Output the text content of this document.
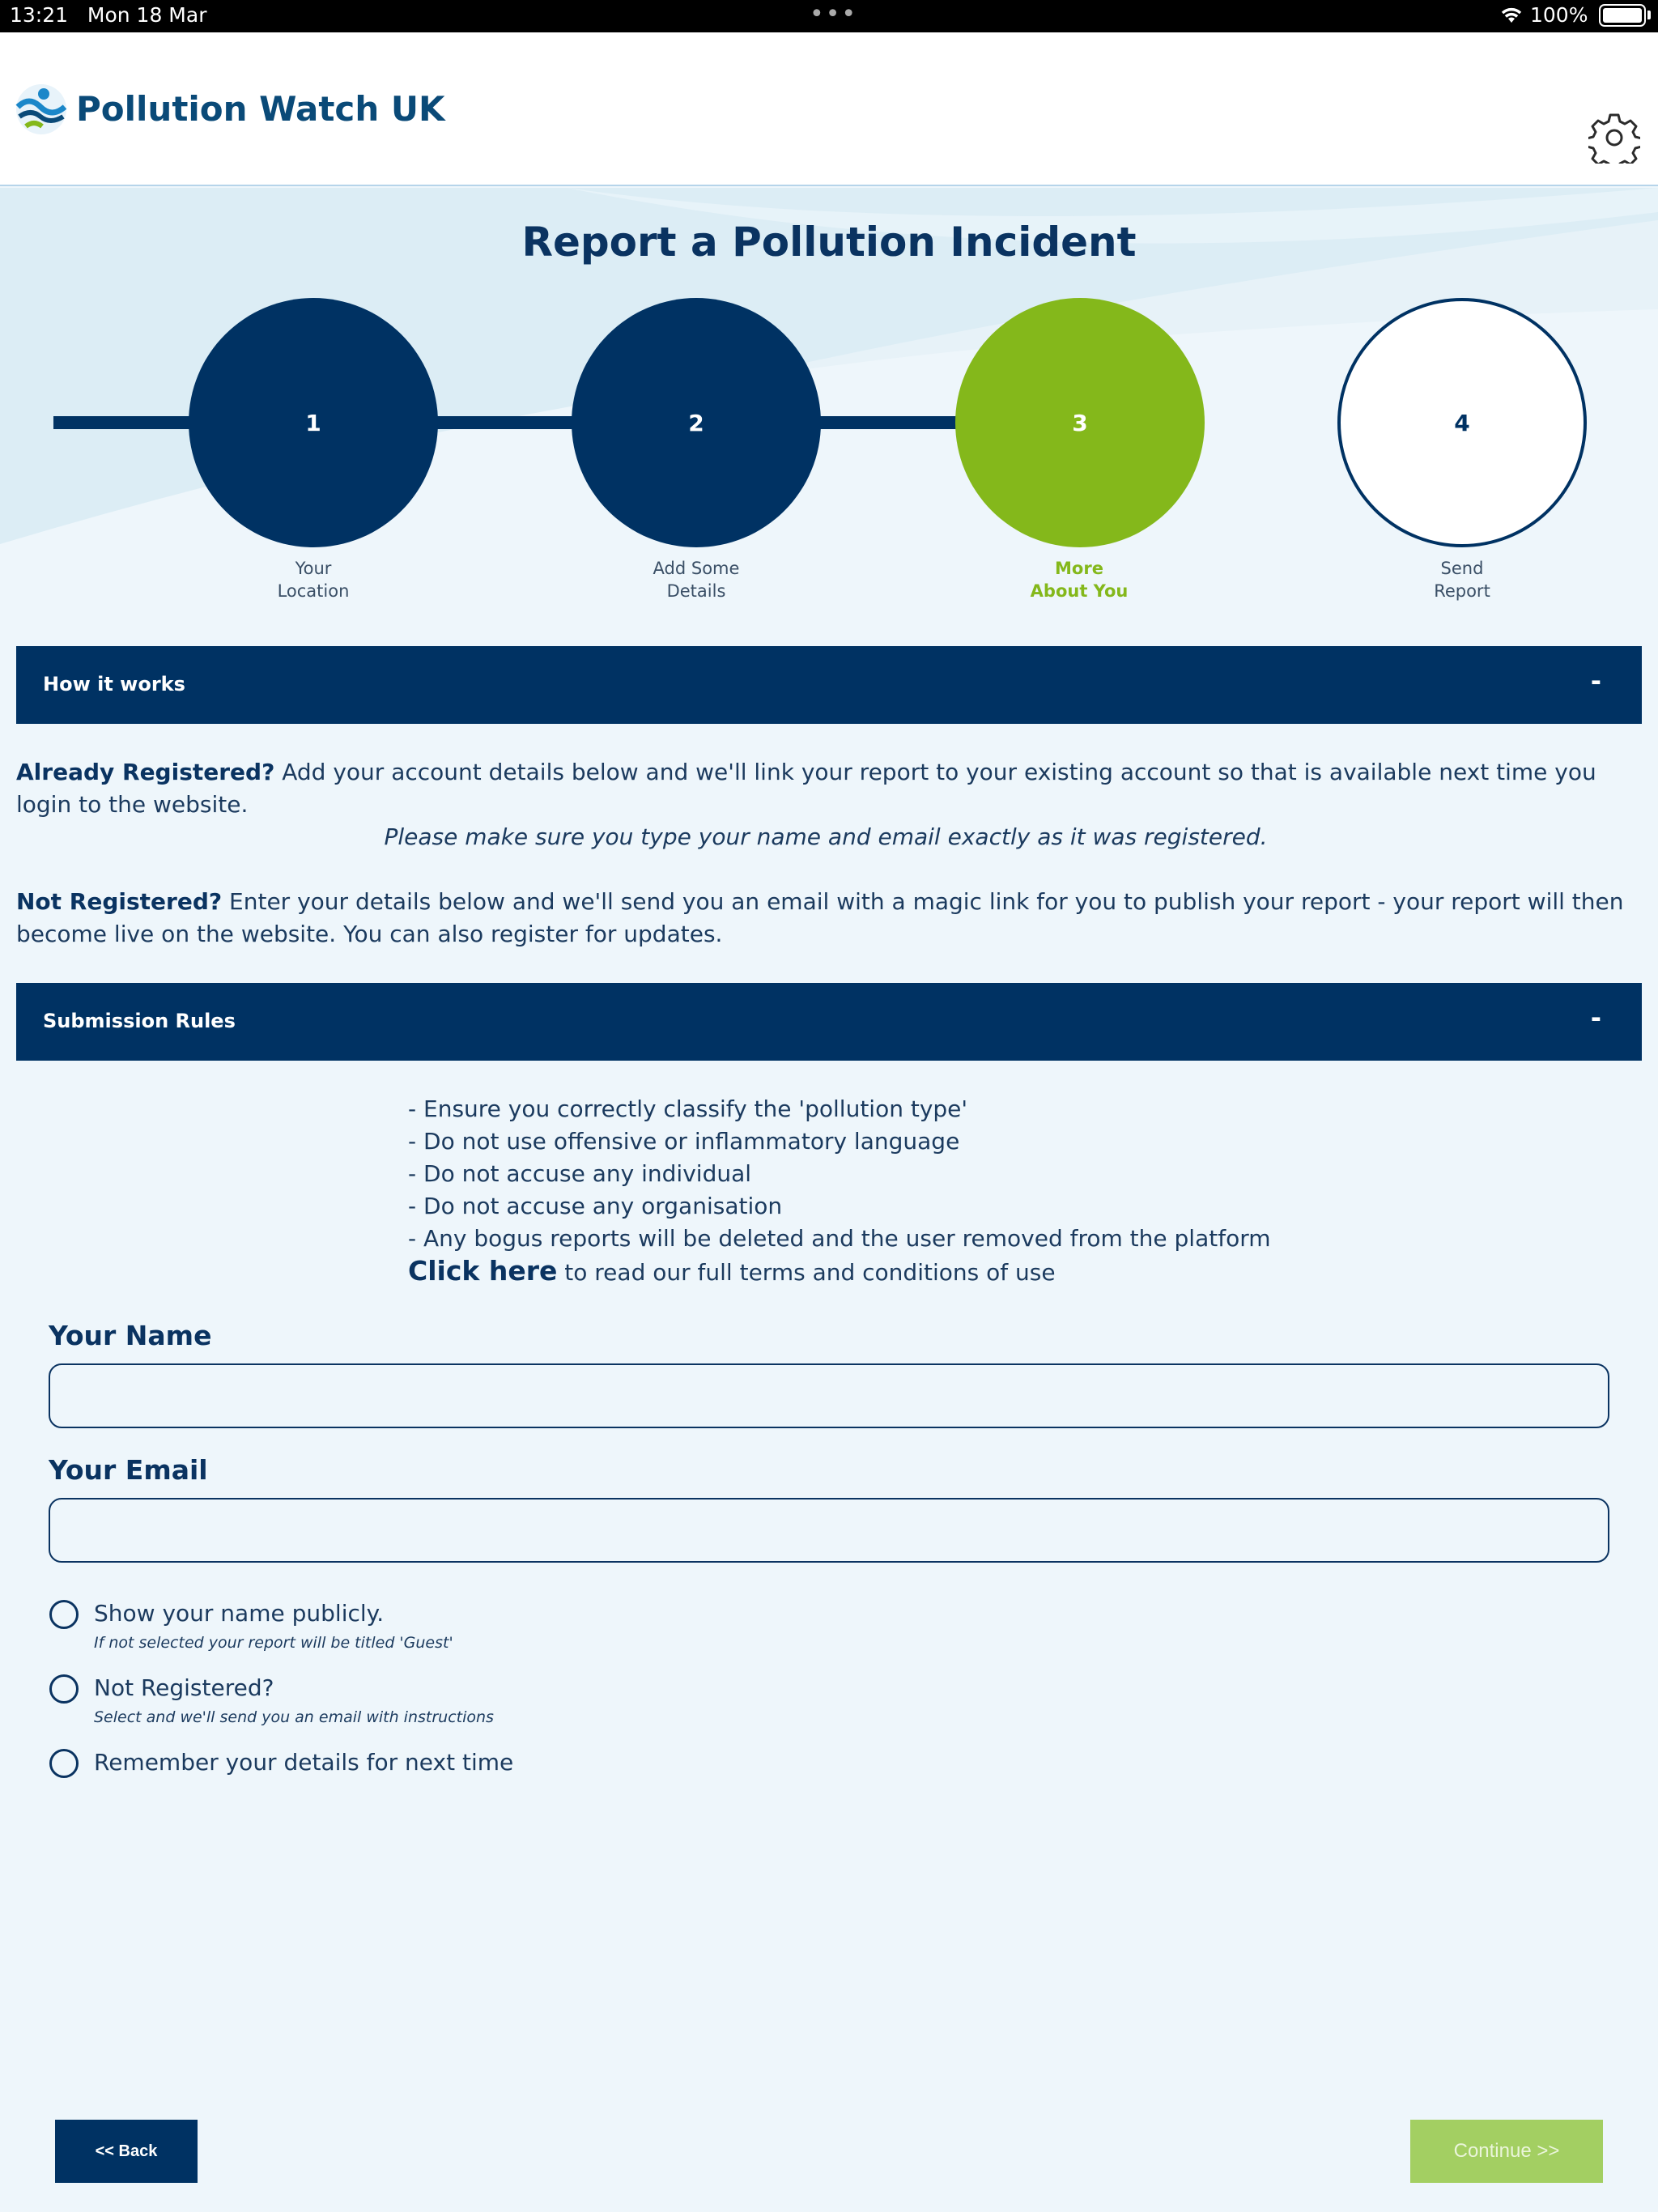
13:21 Mon 18 Mar	•••	100%
Pollution Watch UK
Report a Pollution Incident
1	2	3	4
Your
Location
Add Some
Details
More
About You
Send
Report
How it works	-

Already Registered? Add your account details below and we'll link your report to your existing account so that is available next time you login to the website.

Please make sure you type your name and email exactly as it was registered.

Not Registered? Enter your details below and we'll send you an email with a magic link for you to publish your report - your report will then become live on the website. You can also register for updates.

Submission Rules	-
- Ensure you correctly classify the 'pollution type'
- Do not use offensive or inflammatory language
- Do not accuse any individual
- Do not accuse any organisation
- Any bogus reports will be deleted and the user removed from the platform
Click here to read our full terms and conditions of use
Your Name
Your Email
Show your name publicly.
If not selected your report will be titled 'Guest'
Not Registered?
Select and we'll send you an email with instructions
Remember your details for next time
<< Back	Continue >>
